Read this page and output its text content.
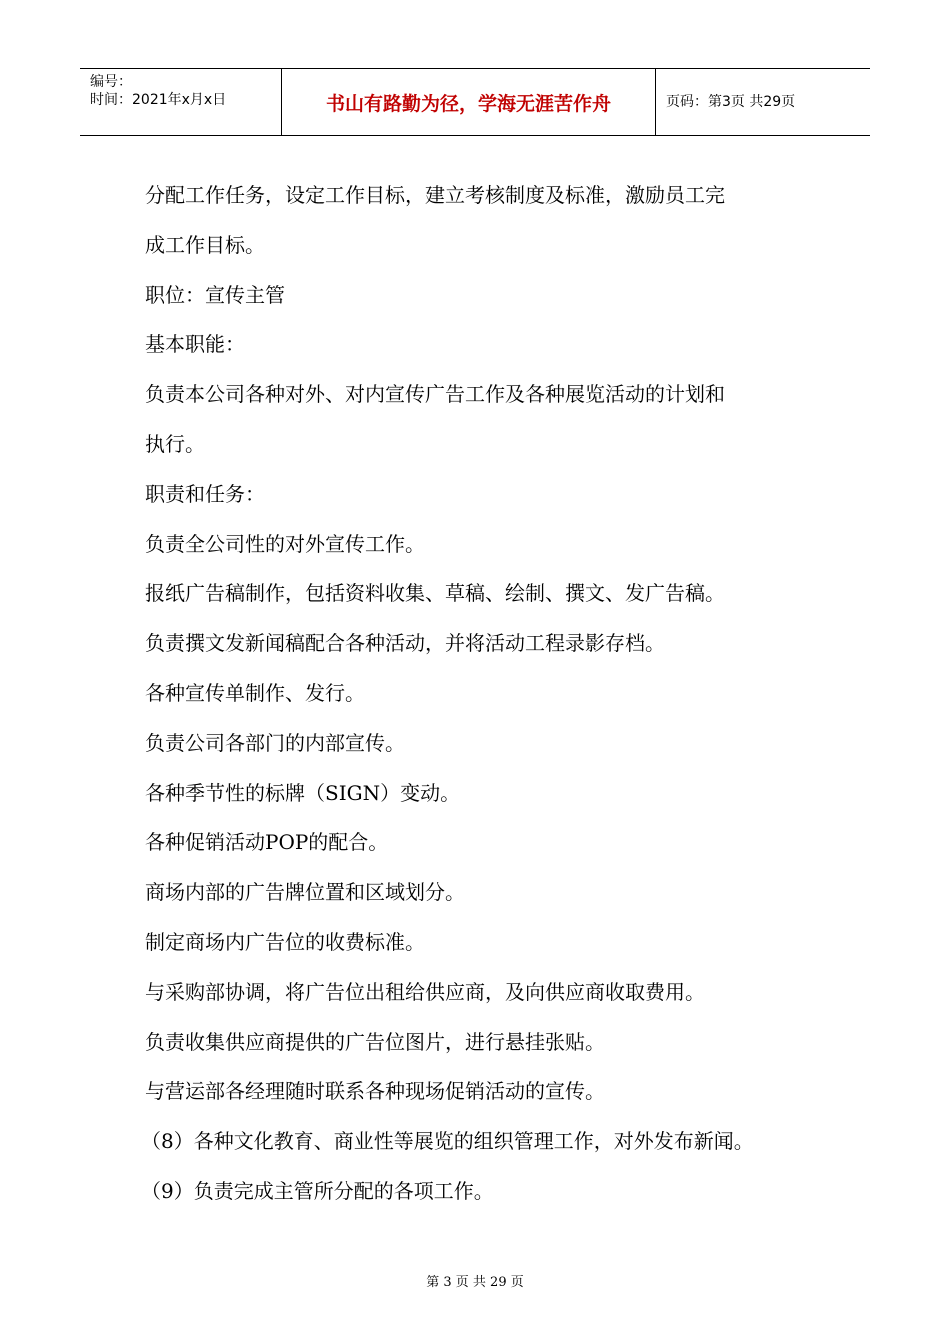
编号：
时间：2021年x月x日	书山有路勤为径，学海无涯苦作舟	页码：第3页 共29页
分配工作任务，设定工作目标，建立考核制度及标准，激励员工完
成工作目标。
职位：宣传主管
基本职能：
负责本公司各种对外、对内宣传广告工作及各种展览活动的计划和
执行。
职责和任务：
负责全公司性的对外宣传工作。
报纸广告稿制作，包括资料收集、草稿、绘制、撰文、发广告稿。
负责撰文发新闻稿配合各种活动，并将活动工程录影存档。
各种宣传单制作、发行。
负责公司各部门的内部宣传。
各种季节性的标牌（SIGN）变动。
各种促销活动POP的配合。
商场内部的广告牌位置和区域划分。
制定商场内广告位的收费标准。
与采购部协调，将广告位出租给供应商，及向供应商收取费用。
负责收集供应商提供的广告位图片，进行悬挂张贴。
与营运部各经理随时联系各种现场促销活动的宣传。
（8）各种文化教育、商业性等展览的组织管理工作，对外发布新闻。
（9）负责完成主管所分配的各项工作。
第 3 页 共 29 页
